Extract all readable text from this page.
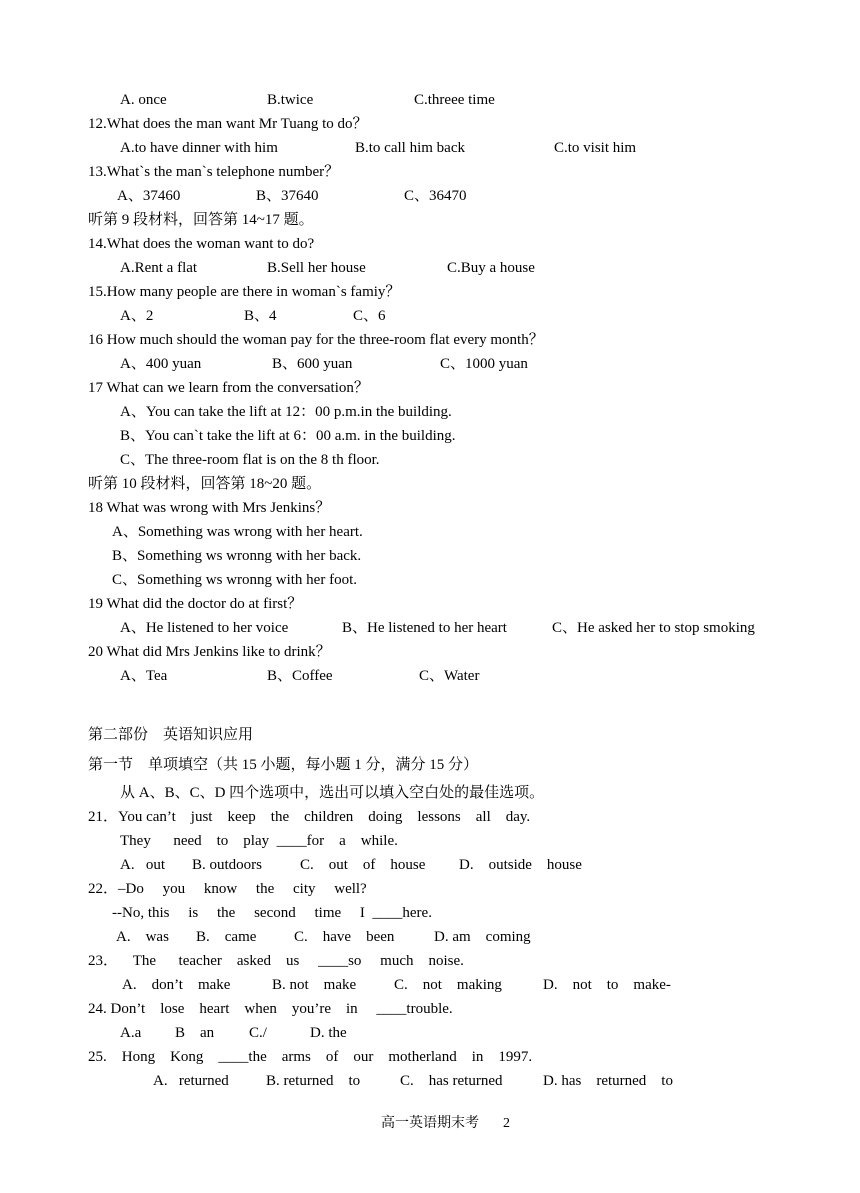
A. once	B.twice	C.threee time
12.What does the man want Mr Tuang to do？
A.to have dinner with him	B.to call him back	C.to visit him
13.What`s the man`s telephone number？
A、37460	B、37640	C、36470
听第 9 段材料，回答第 14~17 题。
14.What does the woman want to do?
A.Rent a flat	B.Sell her house	C.Buy a house
15.How many people are there in woman`s famiy？
A、2	B、4	C、6
16 How much should the woman pay for the three-room flat every month？
A、400 yuan	B、600 yuan	C、1000 yuan
17 What can we learn from the conversation？
A、You can take the lift at 12：00 p.m.in the building.
B、You can`t take the lift at 6：00 a.m. in the building.
C、The three-room flat is on the 8 th floor.
听第 10 段材料，回答第 18~20 题。
18 What was wrong with Mrs Jenkins？
A、Something was wrong with her heart.
B、Something ws wronng with her back.
C、Something ws wronng with her foot.
19 What did the doctor do at first？
A、He listened to her voice	B、He listened to her heart	C、He asked her to stop smoking
20 What did Mrs Jenkins like to drink？
A、Tea	B、Coffee	C、Water
第二部份    英语知识应用
第一节    单项填空（共 15 小题，每小题 1 分，满分 15 分）
从 A、B、C、D 四个选项中，选出可以填入空白处的最佳选项。
21．You can’t    just    keep    the    children    doing    lessons    all    day.
They      need    to    play  ____for    a    while.
A.   out B. outdoors	C.    out    of    house D.    outside    house
22．–Do     you     know     the     city     well?
--No, this     is     the     second     time     I  ____here.
A.    was B.    came	C.    have    been	D. am    coming
23．    The      teacher    asked    us     ____so     much    noise.
A.    don’t    make	B. not    make	C.    not    making	D.    not    to    make-
24. Don’t    lose    heart    when    you’re    in     ____trouble.
A.a B    an C./	D. the
25.    Hong    Kong    ____the    arms    of    our    motherland    in    1997.
A.   returned B. returned    to	C.    has returned	D. has    returned    to
高一英语期末考 2
